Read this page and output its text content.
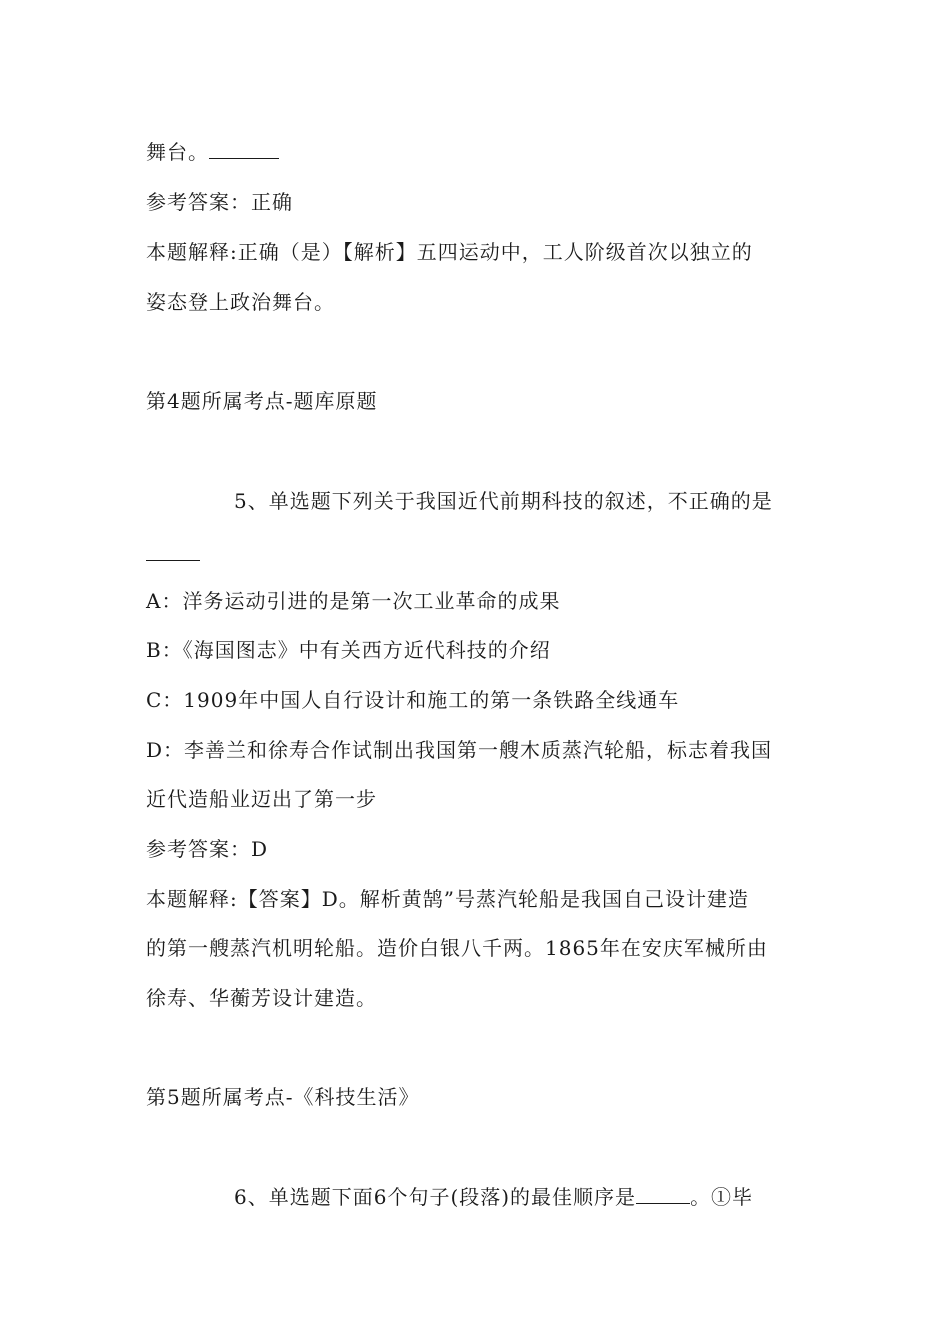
舞台。
参考答案：正确
本题解释:正确（是）【解析】五四运动中，工人阶级首次以独立的
姿态登上政治舞台。
第4题所属考点-题库原题
5、单选题下列关于我国近代前期科技的叙述，不正确的是
A：洋务运动引进的是第一次工业革命的成果
B：《海国图志》中有关西方近代科技的介绍
C：1909年中国人自行设计和施工的第一条铁路全线通车
D：李善兰和徐寿合作试制出我国第一艘木质蒸汽轮船，标志着我国
近代造船业迈出了第一步
参考答案：D
本题解释:【答案】D。解析黄鹄”号蒸汽轮船是我国自己设计建造
的第一艘蒸汽机明轮船。造价白银八千两。1865年在安庆军械所由
徐寿、华蘅芳设计建造。
第5题所属考点-《科技生活》
6、单选题下面6个句子(段落)的最佳顺序是	。①毕
